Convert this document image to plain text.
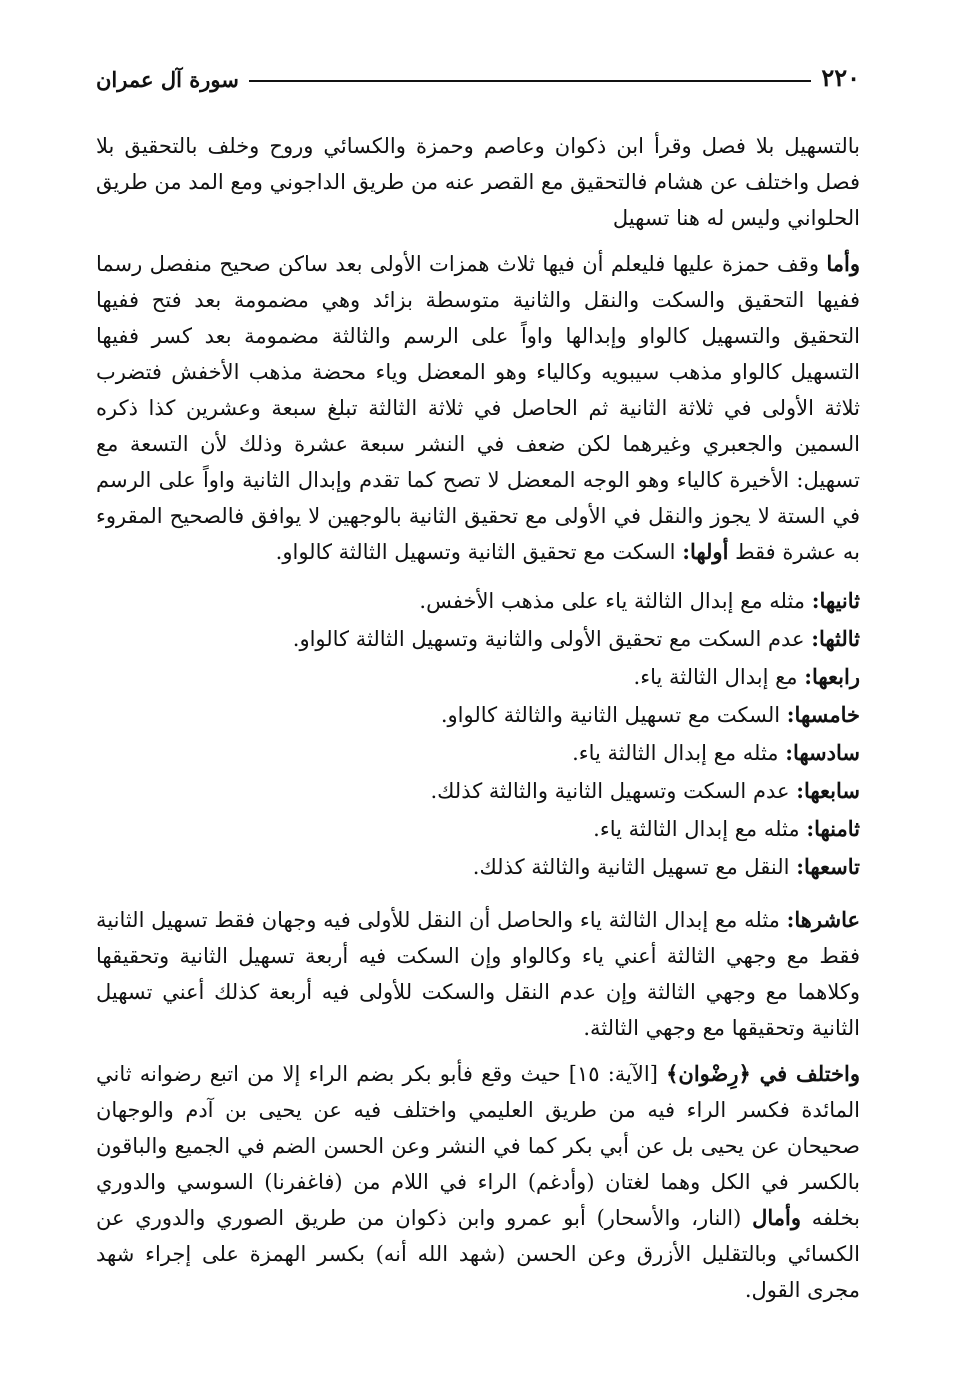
٢٢٠
سورة آل عمران

بالتسهيل بلا فصل وقرأ ابن ذكوان وعاصم وحمزة والكسائي وروح وخلف بالتحقيق بلا فصل واختلف عن هشام فالتحقيق مع القصر عنه من طريق الداجوني ومع المد من طريق الحلواني وليس له هنا تسهيل

وأما وقف حمزة عليها فليعلم أن فيها ثلاث همزات الأولى بعد ساكن صحيح منفصل رسما ففيها التحقيق والسكت والنقل والثانية متوسطة بزائد وهي مضمومة بعد فتح ففيها التحقيق والتسهيل كالواو وإبدالها واواً على الرسم والثالثة مضمومة بعد كسر ففيها التسهيل كالواو مذهب سيبويه وكالياء وهو المعضل وياء محضة مذهب الأخفش فتضرب ثلاثة الأولى في ثلاثة الثانية ثم الحاصل في ثلاثة الثالثة تبلغ سبعة وعشرين كذا ذكره السمين والجعبري وغيرهما لكن ضعف في النشر سبعة عشرة وذلك لأن التسعة مع تسهيل: الأخيرة كالياء وهو الوجه المعضل لا تصح كما تقدم وإبدال الثانية واواً على الرسم في الستة لا يجوز والنقل في الأولى مع تحقيق الثانية بالوجهين لا يوافق فالصحيح المقروء به عشرة فقط أولها: السكت مع تحقيق الثانية وتسهيل الثالثة كالواو.

ثانيها: مثله مع إبدال الثالثة ياء على مذهب الأخفس.
ثالثها: عدم السكت مع تحقيق الأولى والثانية وتسهيل الثالثة كالواو.
رابعها: مع إبدال الثالثة ياء.
خامسها: السكت مع تسهيل الثانية والثالثة كالواو.
سادسها: مثله مع إبدال الثالثة ياء.
سابعها: عدم السكت وتسهيل الثانية والثالثة كذلك.
ثامنها: مثله مع إبدال الثالثة ياء.
تاسعها: النقل مع تسهيل الثانية والثالثة كذلك.

عاشرها: مثله مع إبدال الثالثة ياء والحاصل أن النقل للأولى فيه وجهان فقط تسهيل الثانية فقط مع وجهي الثالثة أعني ياء وكالواو وإن السكت فيه أربعة تسهيل الثانية وتحقيقها وكلاهما مع وجهي الثالثة وإن عدم النقل والسكت للأولى فيه أربعة كذلك أعني تسهيل الثانية وتحقيقها مع وجهي الثالثة.

واختلف في ﴿رِضْوان﴾ [الآية: ١٥] حيث وقع فأبو بكر بضم الراء إلا من اتبع رضوانه ثاني المائدة فكسر الراء فيه من طريق العليمي واختلف فيه عن يحيى بن آدم والوجهان صحيحان عن يحيى بل عن أبي بكر كما في النشر وعن الحسن الضم في الجميع والباقون بالكسر في الكل وهما لغتان (وأدغم) الراء في اللام من (فاغفرنا) السوسي والدوري بخلفه وأمال (النار، والأسحار) أبو عمرو وابن ذكوان من طريق الصوري والدوري عن الكسائي وبالتقليل الأزرق وعن الحسن (شهد الله أنه) بكسر الهمزة على إجراء شهد مجرى القول.
